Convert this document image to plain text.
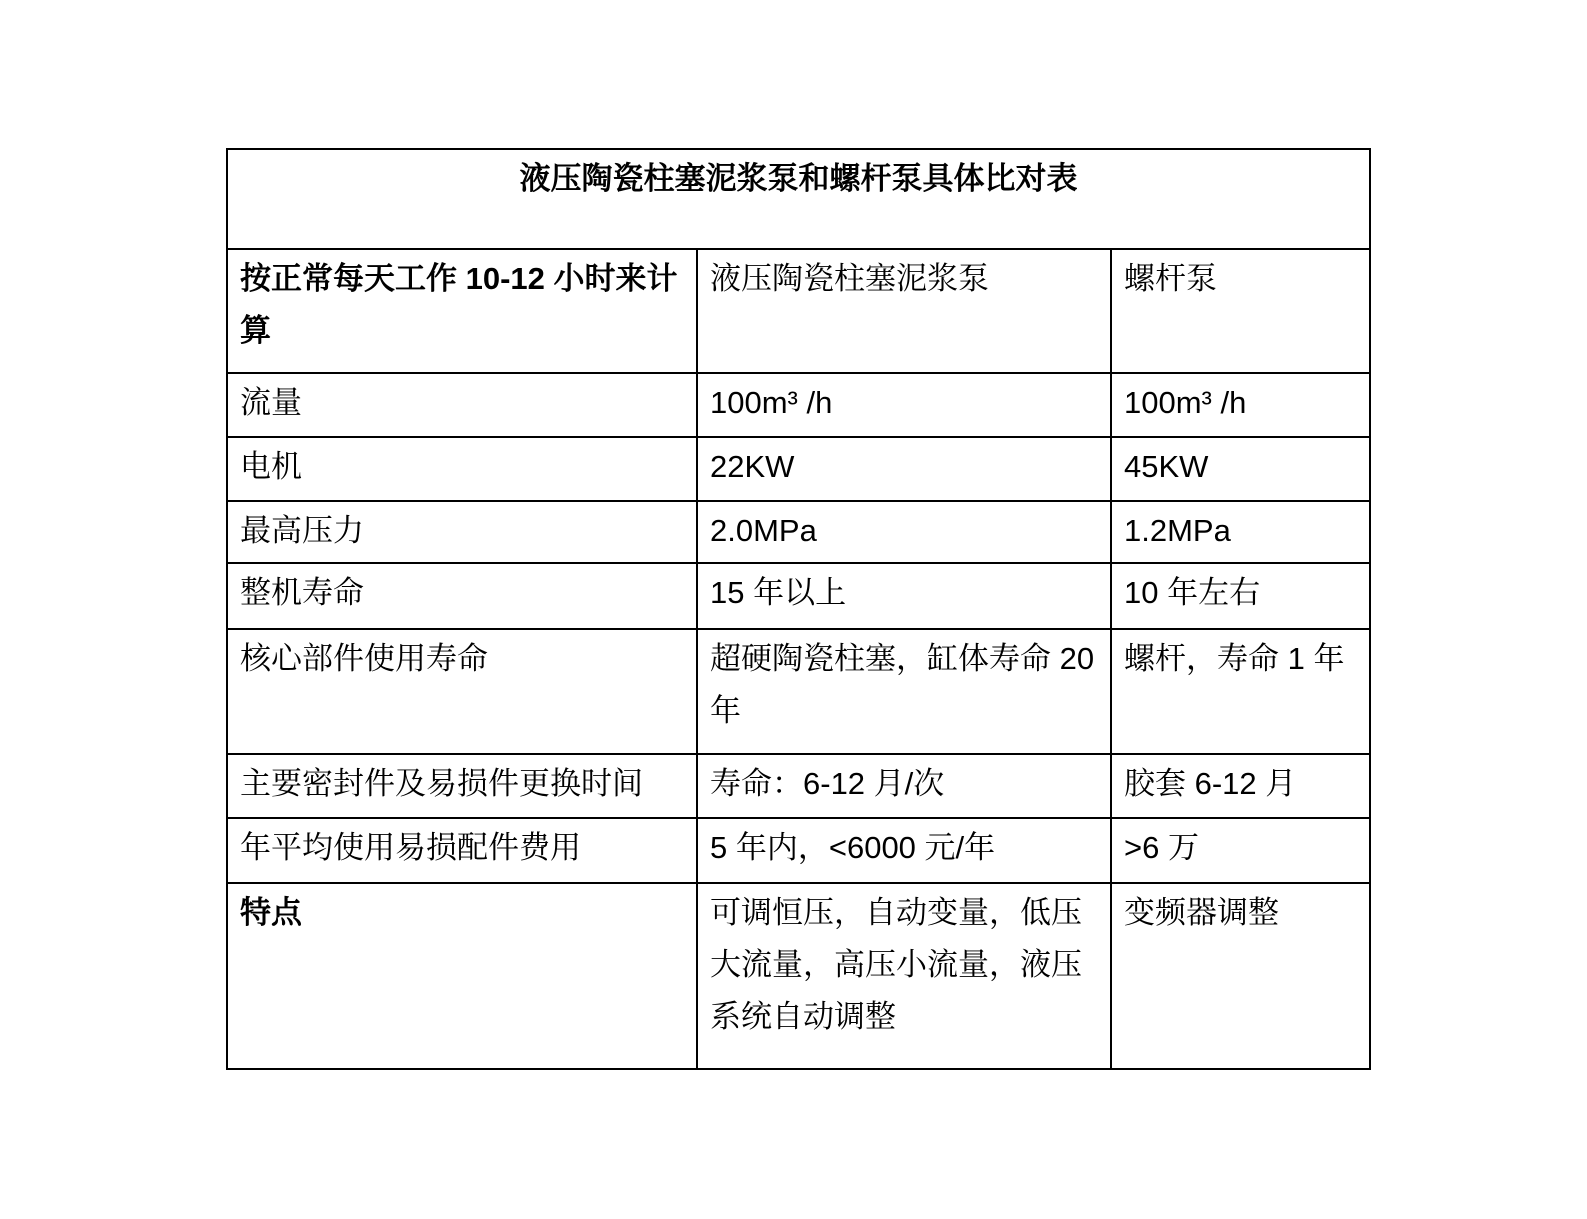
液压陶瓷柱塞泥浆泵和螺杆泵具体比对表		
按正常每天工作 10-12 小时来计算	液压陶瓷柱塞泥浆泵	螺杆泵
流量	100m³ /h	100m³ /h
电机	22KW	45KW
最高压力	2.0MPa	1.2MPa
整机寿命	15 年以上	10 年左右
核心部件使用寿命	超硬陶瓷柱塞，缸体寿命 20 年	螺杆，寿命 1 年
主要密封件及易损件更换时间	寿命：6-12 月/次	胶套 6-12 月
年平均使用易损配件费用	5 年内，<6000 元/年	>6 万
特点	可调恒压，自动变量，低压大流量，高压小流量，液压系统自动调整	变频器调整
